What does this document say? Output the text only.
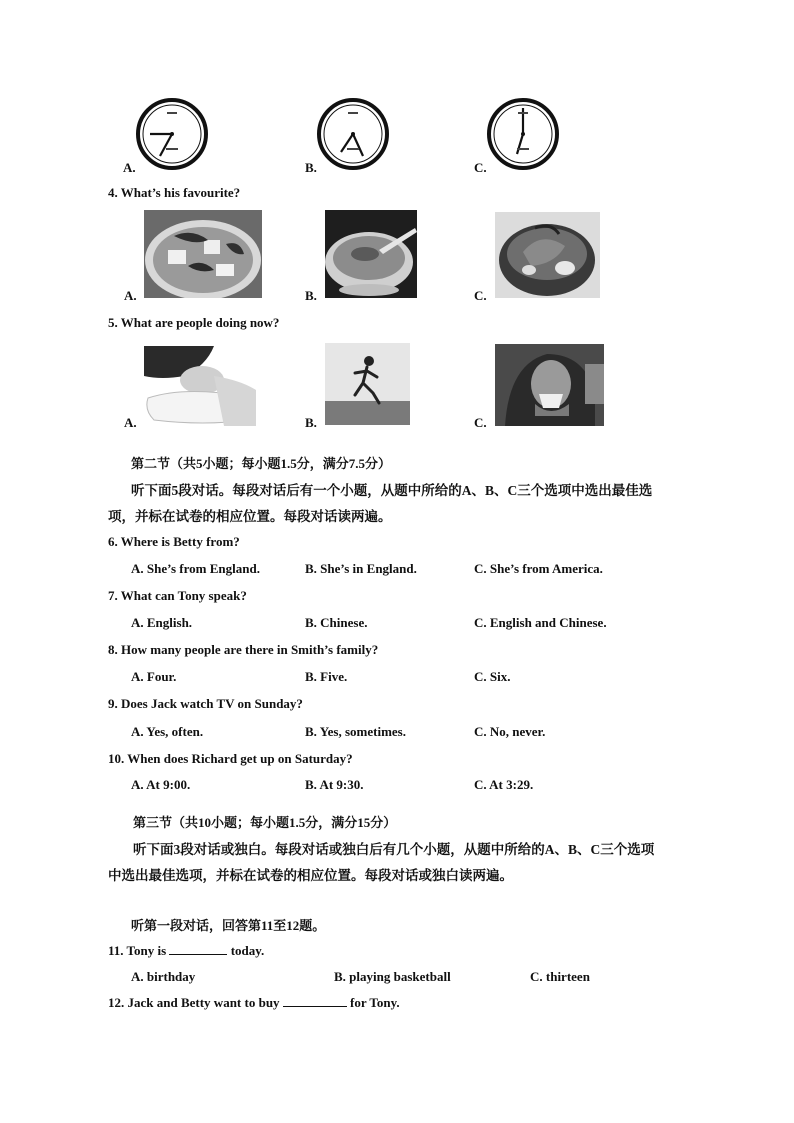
A.	B.	C.
4. What’s his favourite?
A.	B.	C.
5. What are people doing now?
A.	B.	C.
第二节（共5小题；每小题1.5分，满分7.5分）
听下面5段对话。每段对话后有一个小题，从题中所给的A、B、C三个选项中选出最佳选
项，并标在试卷的相应位置。每段对话读两遍。
6. Where is Betty from?
A. She’s from England.	B. She’s in England.	C. She’s from America.
7. What can Tony speak?
A. English.	B. Chinese.	C. English and Chinese.
8. How many people are there in Smith’s family?
A. Four.	B. Five.	C. Six.
9. Does Jack watch TV on Sunday?
A. Yes, often.	B. Yes, sometimes.	C. No, never.
10. When does Richard get up on Saturday?
A. At 9:00.	B. At 9:30.	C. At 3:29.
第三节（共10小题；每小题1.5分，满分15分）
听下面3段对话或独白。每段对话或独白后有几个小题，从题中所给的A、B、C三个选项
中选出最佳选项，并标在试卷的相应位置。每段对话或独白读两遍。
听第一段对话，回答第11至12题。
11. Tony is	today.
A. birthday	B. playing basketball	C. thirteen
12. Jack and Betty want to buy	for Tony.
